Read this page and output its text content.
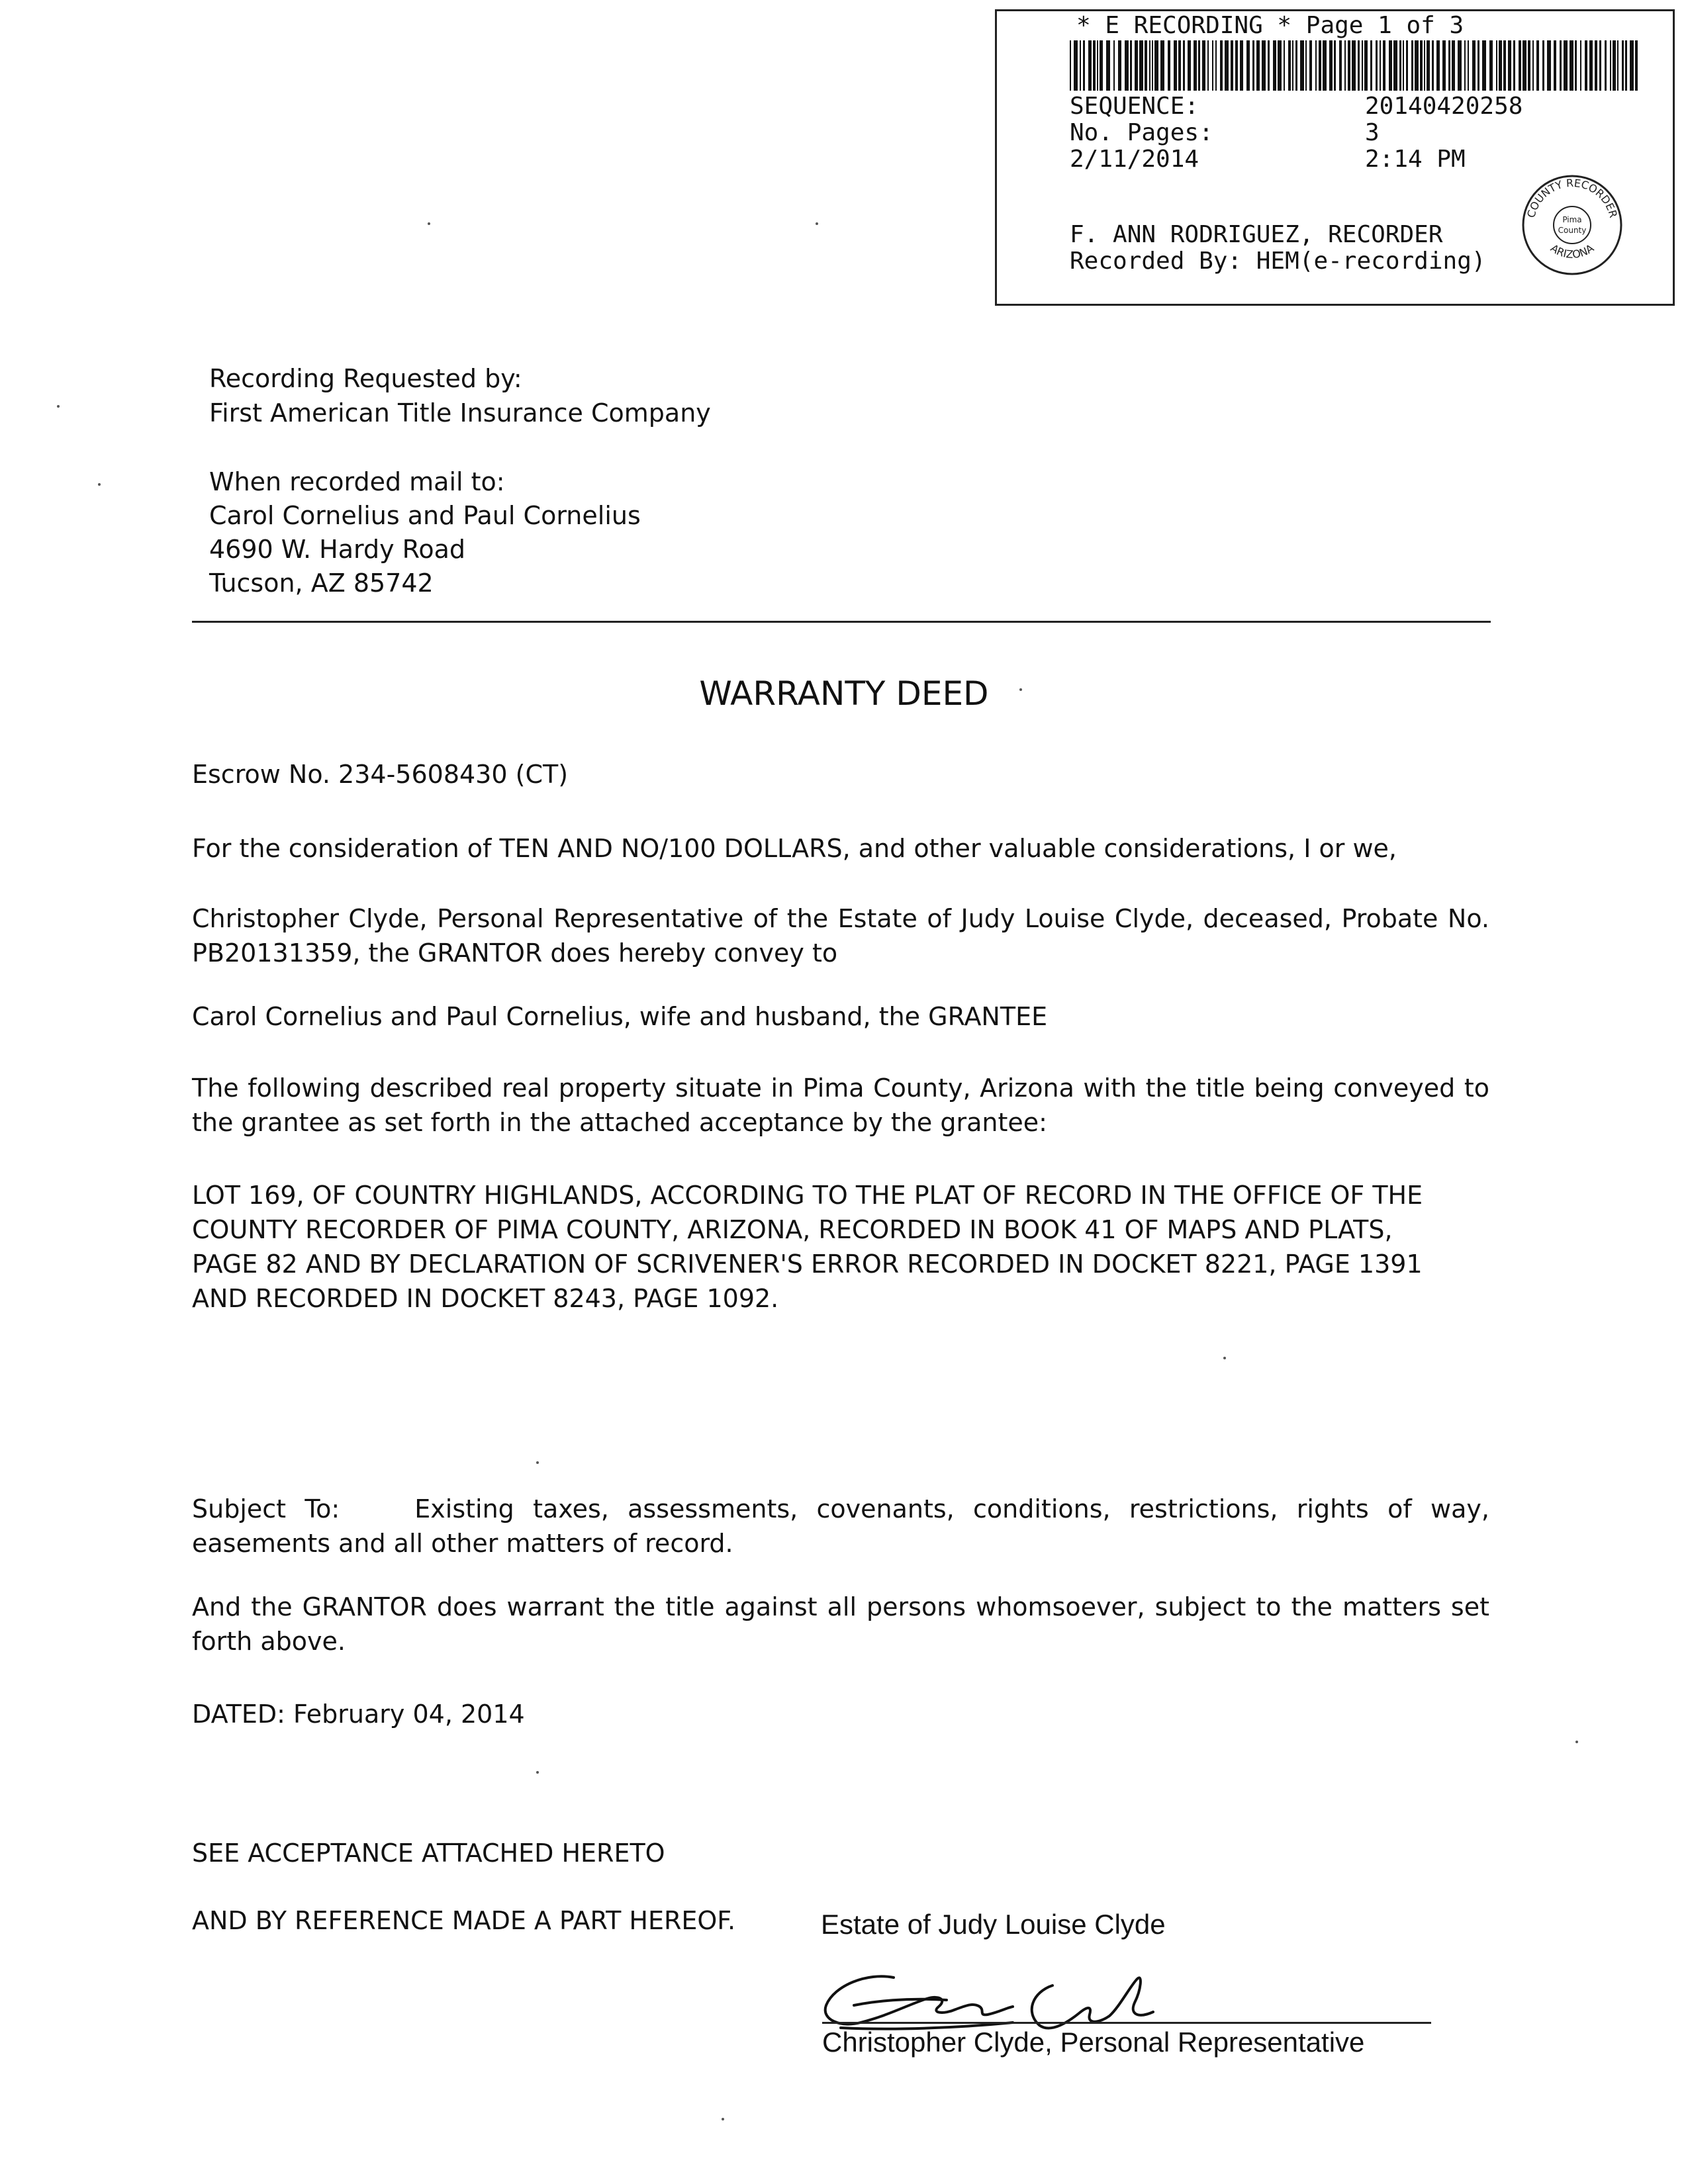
* E RECORDING * Page 1 of 3
SEQUENCE:	20140420258
No. Pages:	3
2/11/2014	2:14 PM
F. ANN RODRIGUEZ, RECORDER
Recorded By: HEM(e-recording)
COUNTY RECORDER
ARIZONA
Pima
County
Recording Requested by:
First American Title Insurance Company
When recorded mail to:
Carol Cornelius and Paul Cornelius
4690 W. Hardy Road
Tucson, AZ 85742
WARRANTY DEED
Escrow No. 234-5608430 (CT)
For the consideration of TEN AND NO/100 DOLLARS, and other valuable considerations, I or we,
Christopher Clyde, Personal Representative of the Estate of Judy Louise Clyde, deceased, Probate No. PB20131359, the GRANTOR does hereby convey to
Carol Cornelius and Paul Cornelius, wife and husband, the GRANTEE
The following described real property situate in Pima County, Arizona with the title being conveyed to the grantee as set forth in the attached acceptance by the grantee:
LOT 169, OF COUNTRY HIGHLANDS, ACCORDING TO THE PLAT OF RECORD IN THE OFFICE OF THE COUNTY RECORDER OF PIMA COUNTY, ARIZONA, RECORDED IN BOOK 41 OF MAPS AND PLATS, PAGE 82 AND BY DECLARATION OF SCRIVENER'S ERROR RECORDED IN DOCKET 8221, PAGE 1391 AND RECORDED IN DOCKET 8243, PAGE 1092.
Subject To:	Existing taxes, assessments, covenants, conditions, restrictions, rights of way, easements and all other matters of record.
And the GRANTOR does warrant the title against all persons whomsoever, subject to the matters set forth above.
DATED: February 04, 2014
SEE ACCEPTANCE ATTACHED HERETO
AND BY REFERENCE MADE A PART HEREOF.	Estate of Judy Louise Clyde
Christopher Clyde, Personal Representative
